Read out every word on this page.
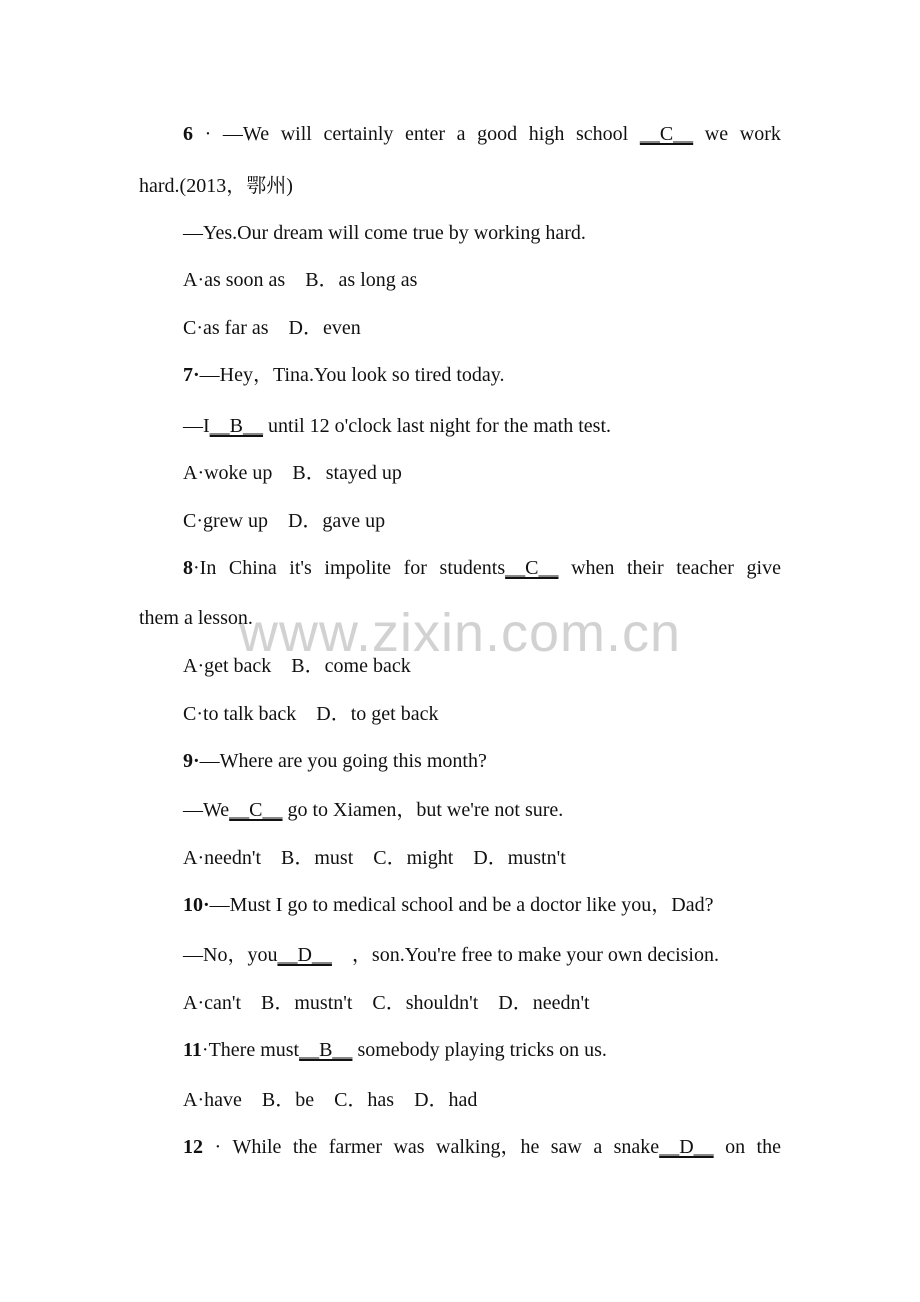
www.zixin.com.cn
6 · —We will certainly enter a good high school __C__ we work
hard.(2013，鄂州)
—Yes.Our dream will come true by working hard.
A·as soon as　B．as long as
C·as far as　D．even
7·—Hey，Tina.You look so tired today.
—I__B__ until 12 o'clock last night for the math test.
A·woke up　B．stayed up
C·grew up　D．gave up
8·In China it's impolite for students__C__ when their teacher give
them a lesson.
A·get back　B．come back
C·to talk back　D．to get back
9·—Where are you going this month?
—We__C__ go to Xiamen，but we're not sure.
A·needn't　B．must　C．might　D．mustn't
10·—Must I go to medical school and be a doctor like you，Dad?
—No，you__D__　，son.You're free to make your own decision.
A·can't　B．mustn't　C．shouldn't　D．needn't
11·There must__B__ somebody playing tricks on us.
A·have　B．be　C．has　D．had
12 · While the farmer was walking，he saw a snake__D__ on the
